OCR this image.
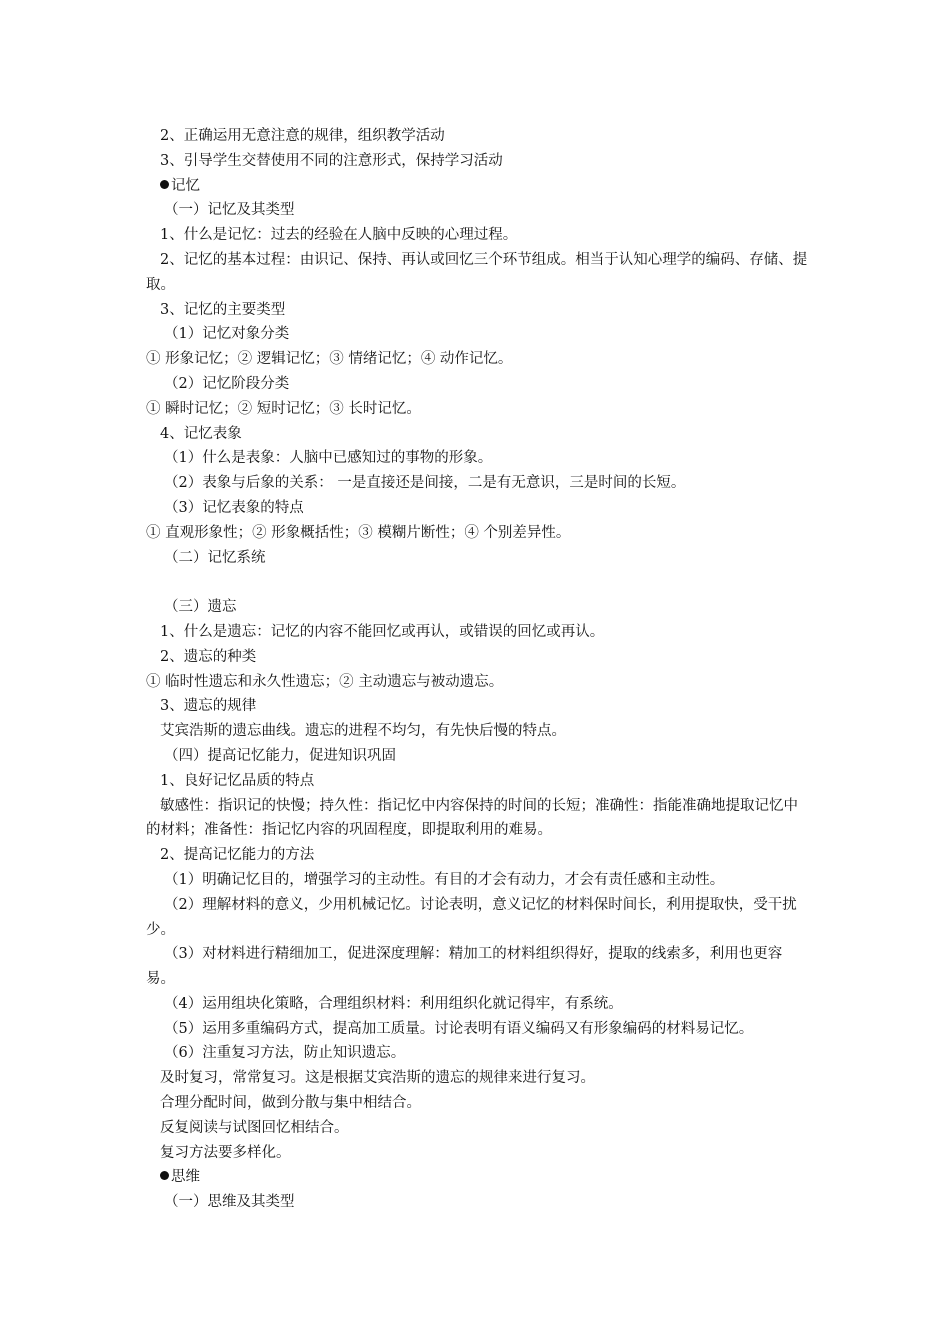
2、正确运用无意注意的规律，组织教学活动

3、引导学生交替使用不同的注意形式，保持学习活动

记忆

（一）记忆及其类型

1、什么是记忆：过去的经验在人脑中反映的心理过程。

2、记忆的基本过程：由识记、保持、再认或回忆三个环节组成。相当于认知心理学的编码、存储、提取。

3、记忆的主要类型

（1）记忆对象分类

① 形象记忆；② 逻辑记忆；③ 情绪记忆；④ 动作记忆。

（2）记忆阶段分类

① 瞬时记忆；② 短时记忆；③ 长时记忆。

4、记忆表象

（1）什么是表象：人脑中已感知过的事物的形象。

（2）表象与后象的关系： 一是直接还是间接，二是有无意识，三是时间的长短。

（3）记忆表象的特点

① 直观形象性；② 形象概括性；③ 模糊片断性；④ 个别差异性。

（二）记忆系统

（三）遗忘

1、什么是遗忘：记忆的内容不能回忆或再认，或错误的回忆或再认。

2、遗忘的种类

① 临时性遗忘和永久性遗忘；② 主动遗忘与被动遗忘。

3、遗忘的规律

艾宾浩斯的遗忘曲线。遗忘的进程不均匀，有先快后慢的特点。

（四）提高记忆能力，促进知识巩固

1、良好记忆品质的特点

敏感性：指识记的快慢；持久性：指记忆中内容保持的时间的长短；准确性：指能准确地提取记忆中的材料；准备性：指记忆内容的巩固程度，即提取利用的难易。

2、提高记忆能力的方法

（1）明确记忆目的，增强学习的主动性。有目的才会有动力，才会有责任感和主动性。

（2）理解材料的意义，少用机械记忆。讨论表明，意义记忆的材料保时间长，利用提取快，受干扰少。

（3）对材料进行精细加工，促进深度理解：精加工的材料组织得好，提取的线索多，利用也更容易。

（4）运用组块化策略，合理组织材料：利用组织化就记得牢，有系统。

（5）运用多重编码方式，提高加工质量。讨论表明有语义编码又有形象编码的材料易记忆。

（6）注重复习方法，防止知识遗忘。

及时复习，常常复习。这是根据艾宾浩斯的遗忘的规律来进行复习。

合理分配时间，做到分散与集中相结合。

反复阅读与试图回忆相结合。

复习方法要多样化。

思维

（一）思维及其类型
